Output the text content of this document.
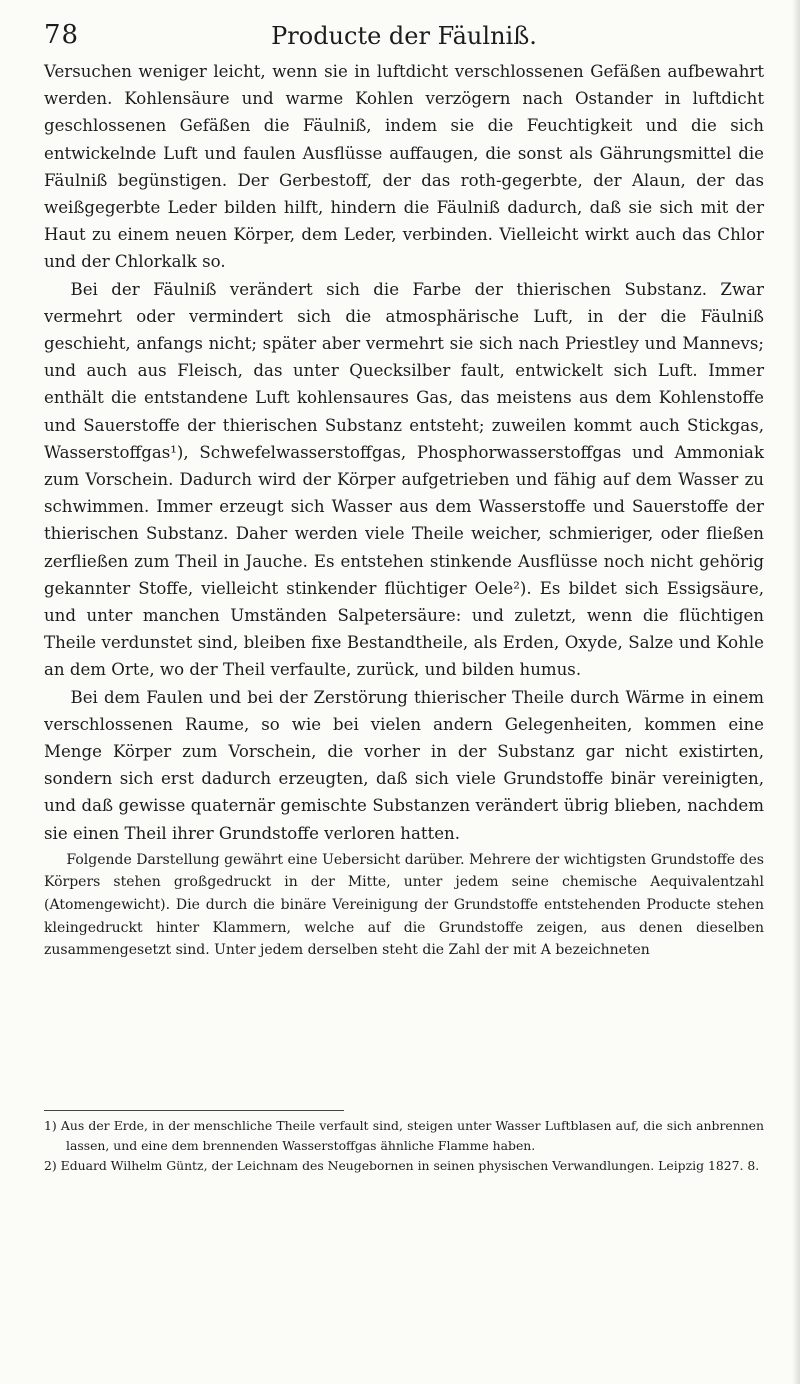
78	Producte der Fäulniß.

Versuchen weniger leicht, wenn sie in luftdicht verschlossenen Gefäßen aufbewahrt werden. Kohlensäure und warme Kohlen verzögern nach Ostander in luftdicht geschlossenen Gefäßen die Fäulniß, indem sie die Feuchtigkeit und die sich entwickelnde Luft und faulen Ausflüsse auffaugen, die sonst als Gährungsmittel die Fäulniß begünstigen. Der Gerbestoff, der das roth-gegerbte, der Alaun, der das weißgegerbte Leder bilden hilft, hindern die Fäulniß dadurch, daß sie sich mit der Haut zu einem neuen Körper, dem Leder, verbinden. Vielleicht wirkt auch das Chlor und der Chlorkalk so.

Bei der Fäulniß verändert sich die Farbe der thierischen Substanz. Zwar vermehrt oder vermindert sich die atmosphärische Luft, in der die Fäulniß geschieht, anfangs nicht; später aber vermehrt sie sich nach Priestley und Mannevs; und auch aus Fleisch, das unter Quecksilber fault, entwickelt sich Luft. Immer enthält die entstandene Luft kohlensaures Gas, das meistens aus dem Kohlenstoffe und Sauerstoffe der thierischen Substanz entsteht; zuweilen kommt auch Stickgas, Wasserstoffgas¹), Schwefelwasserstoffgas, Phosphorwasserstoffgas und Ammoniak zum Vorschein. Dadurch wird der Körper aufgetrieben und fähig auf dem Wasser zu schwimmen. Immer erzeugt sich Wasser aus dem Wasserstoffe und Sauerstoffe der thierischen Substanz. Daher werden viele Theile weicher, schmieriger, oder fließen zerfließen zum Theil in Jauche. Es entstehen stinkende Ausflüsse noch nicht gehörig gekannter Stoffe, vielleicht stinkender flüchtiger Oele²). Es bildet sich Essigsäure, und unter manchen Umständen Salpetersäure: und zuletzt, wenn die flüchtigen Theile verdunstet sind, bleiben fixe Bestandtheile, als Erden, Oxyde, Salze und Kohle an dem Orte, wo der Theil verfaulte, zurück, und bilden humus.

Bei dem Faulen und bei der Zerstörung thierischer Theile durch Wärme in einem verschlossenen Raume, so wie bei vielen andern Gelegenheiten, kommen eine Menge Körper zum Vorschein, die vorher in der Substanz gar nicht existirten, sondern sich erst dadurch erzeugten, daß sich viele Grundstoffe binär vereinigten, und daß gewisse quaternär gemischte Substanzen verändert übrig blieben, nachdem sie einen Theil ihrer Grundstoffe verloren hatten.

Folgende Darstellung gewährt eine Uebersicht darüber. Mehrere der wichtigsten Grundstoffe des Körpers stehen großgedruckt in der Mitte, unter jedem seine chemische Aequivalentzahl (Atomengewicht). Die durch die binäre Vereinigung der Grundstoffe entstehenden Producte stehen kleingedruckt hinter Klammern, welche auf die Grundstoffe zeigen, aus denen dieselben zusammengesetzt sind. Unter jedem derselben steht die Zahl der mit A bezeichneten

1) Aus der Erde, in der menschliche Theile verfault sind, steigen unter Wasser Luftblasen auf, die sich anbrennen lassen, und eine dem brennenden Wasserstoffgas ähnliche Flamme haben.

2) Eduard Wilhelm Güntz, der Leichnam des Neugebornen in seinen physischen Verwandlungen. Leipzig 1827. 8.
